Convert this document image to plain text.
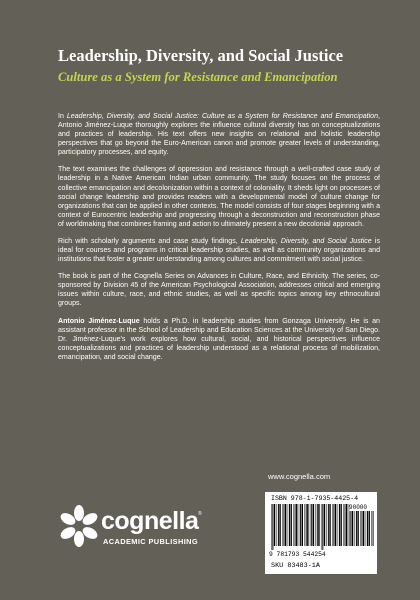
Leadership, Diversity, and Social Justice
Culture as a System for Resistance and Emancipation

In Leadership, Diversity, and Social Justice: Culture as a System for Resistance and Emancipation, Antonio Jiménez-Luque thoroughly explores the influence cultural diversity has on conceptualizations and practices of leadership. His text offers new insights on relational and holistic leadership perspectives that go beyond the Euro-American canon and promote greater levels of understanding, participatory processes, and equity.

The text examines the challenges of oppression and resistance through a well-crafted case study of leadership in a Native American Indian urban community. The study focuses on the process of collective emancipation and decolonization within a context of coloniality. It sheds light on processes of social change leadership and provides readers with a developmental model of culture change for organizations that can be applied in other contexts. The model consists of four stages beginning with a context of Eurocentric leadership and progressing through a deconstruction and reconstruction phase of worldmaking that combines framing and action to ultimately present a new decolonial approach.

Rich with scholarly arguments and case study findings, Leadership, Diversity, and Social Justice is ideal for courses and programs in critical leadership studies, as well as community organizations and institutions that foster a greater understanding among cultures and commitment with social justice.

The book is part of the Cognella Series on Advances in Culture, Race, and Ethnicity. The series, co-sponsored by Division 45 of the American Psychological Association, addresses critical and emerging issues within culture, race, and ethnic studies, as well as specific topics among key ethnocultural groups.

Antonio Jiménez-Luque holds a Ph.D. in leadership studies from Gonzaga University. He is an assistant professor in the School of Leadership and Education Sciences at the University of San Diego. Dr. Jiménez-Luque's work explores how cultural, social, and historical perspectives influence conceptualizations and practices of leadership understood as a relational process of mobilization, emancipation, and social change.

www.cognella.com
ISBN 978-1-7935-4425-4
90000
9 781793 544254
SKU 83483-1A
cognella ®
ACADEMIC PUBLISHING
